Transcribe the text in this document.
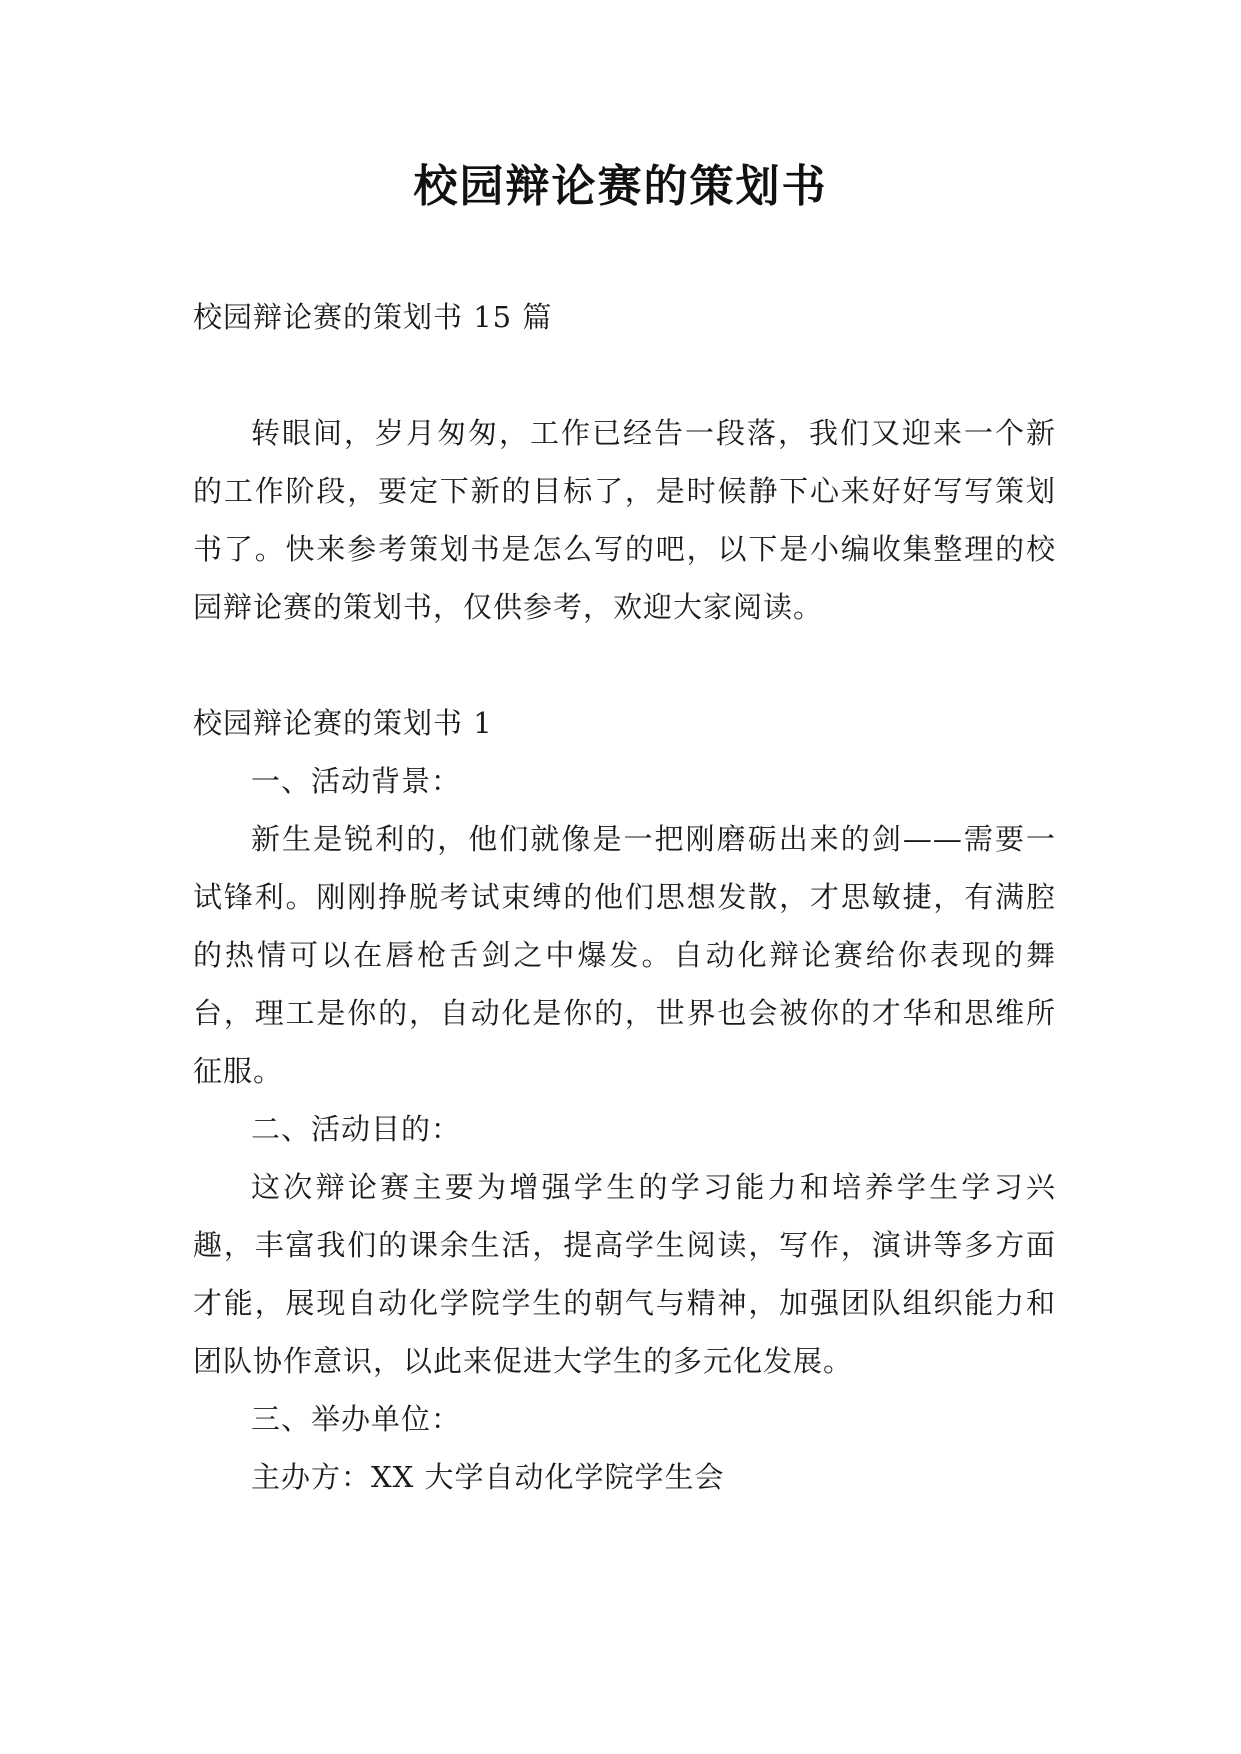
校园辩论赛的策划书

校园辩论赛的策划书 15 篇

转眼间，岁月匆匆，工作已经告一段落，我们又迎来一个新的工作阶段，要定下新的目标了，是时候静下心来好好写写策划书了。快来参考策划书是怎么写的吧，以下是小编收集整理的校园辩论赛的策划书，仅供参考，欢迎大家阅读。

校园辩论赛的策划书 1

一、活动背景：

新生是锐利的，他们就像是一把刚磨砺出来的剑——需要一试锋利。刚刚挣脱考试束缚的他们思想发散，才思敏捷，有满腔的热情可以在唇枪舌剑之中爆发。自动化辩论赛给你表现的舞台，理工是你的，自动化是你的，世界也会被你的才华和思维所征服。

二、活动目的：

这次辩论赛主要为增强学生的学习能力和培养学生学习兴趣，丰富我们的课余生活，提高学生阅读，写作，演讲等多方面才能，展现自动化学院学生的朝气与精神，加强团队组织能力和团队协作意识，以此来促进大学生的多元化发展。

三、举办单位：

主办方：XX 大学自动化学院学生会
